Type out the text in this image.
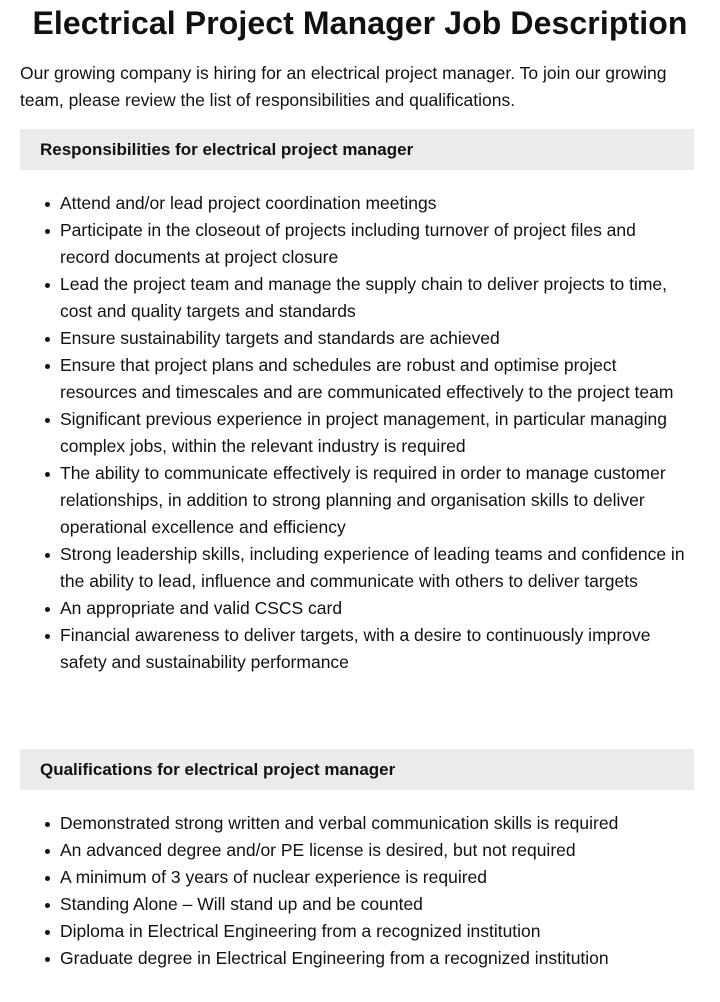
Electrical Project Manager Job Description

Our growing company is hiring for an electrical project manager. To join our growing team, please review the list of responsibilities and qualifications.

Responsibilities for electrical project manager
Attend and/or lead project coordination meetings
Participate in the closeout of projects including turnover of project files and record documents at project closure
Lead the project team and manage the supply chain to deliver projects to time, cost and quality targets and standards
Ensure sustainability targets and standards are achieved
Ensure that project plans and schedules are robust and optimise project resources and timescales and are communicated effectively to the project team
Significant previous experience in project management, in particular managing complex jobs, within the relevant industry is required
The ability to communicate effectively is required in order to manage customer relationships, in addition to strong planning and organisation skills to deliver operational excellence and efficiency
Strong leadership skills, including experience of leading teams and confidence in the ability to lead, influence and communicate with others to deliver targets
An appropriate and valid CSCS card
Financial awareness to deliver targets, with a desire to continuously improve safety and sustainability performance
Qualifications for electrical project manager
Demonstrated strong written and verbal communication skills is required
An advanced degree and/or PE license is desired, but not required
A minimum of 3 years of nuclear experience is required
Standing Alone – Will stand up and be counted
Diploma in Electrical Engineering from a recognized institution
Graduate degree in Electrical Engineering from a recognized institution
